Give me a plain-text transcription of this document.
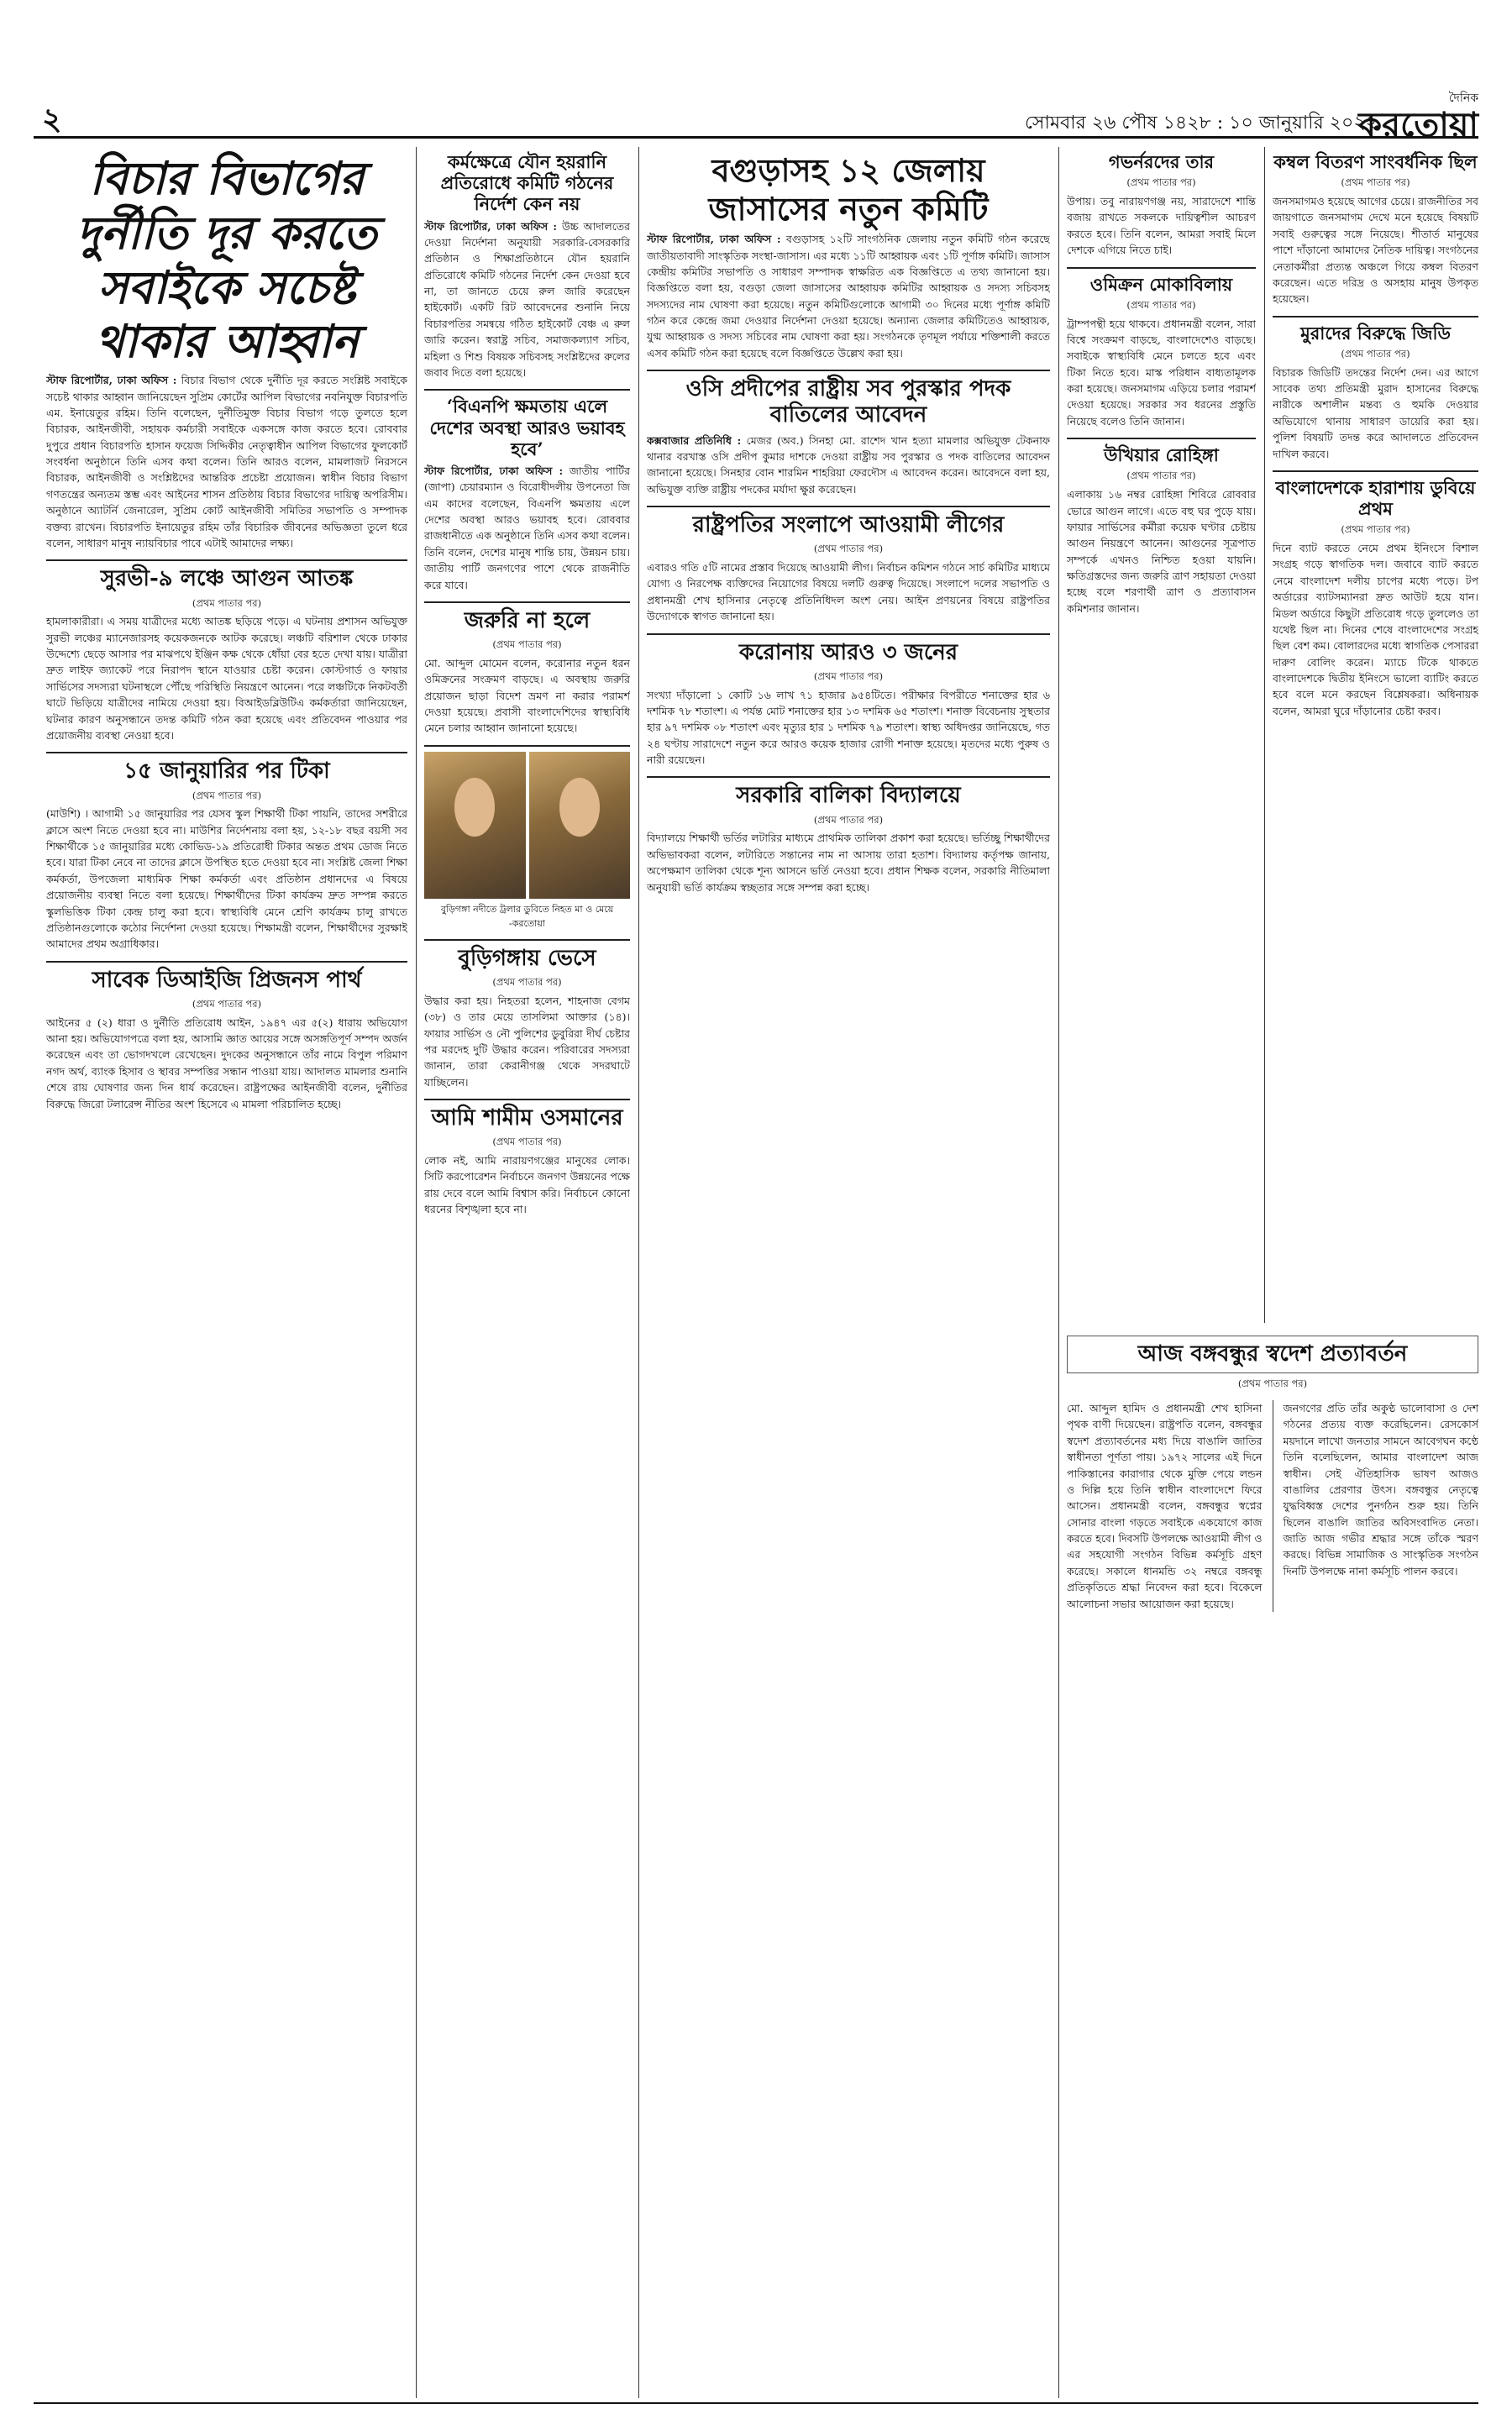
২	সোমবার ২৬ পৌষ ১৪২৮ : ১০ জানুয়ারি ২০২২
দৈনিক
করতোয়া
বিচার বিভাগের দুর্নীতি দূর করতে সবাইকে সচেষ্ট থাকার আহ্বান

স্টাফ রিপোর্টার, ঢাকা অফিস : বিচার বিভাগ থেকে দুর্নীতি দূর করতে সংশ্লিষ্ট সবাইকে সচেষ্ট থাকার আহ্বান জানিয়েছেন সুপ্রিম কোর্টের আপিল বিভাগের নবনিযুক্ত বিচারপতি এম. ইনায়েতুর রহিম। তিনি বলেছেন, দুর্নীতিমুক্ত বিচার বিভাগ গড়ে তুলতে হলে বিচারক, আইনজীবী, সহায়ক কর্মচারী সবাইকে একসঙ্গে কাজ করতে হবে। রোববার দুপুরে প্রধান বিচারপতি হাসান ফয়েজ সিদ্দিকীর নেতৃত্বাধীন আপিল বিভাগের ফুলকোর্ট সংবর্ধনা অনুষ্ঠানে তিনি এসব কথা বলেন। তিনি আরও বলেন, মামলাজট নিরসনে বিচারক, আইনজীবী ও সংশ্লিষ্টদের আন্তরিক প্রচেষ্টা প্রয়োজন। স্বাধীন বিচার বিভাগ গণতন্ত্রের অন্যতম স্তম্ভ এবং আইনের শাসন প্রতিষ্ঠায় বিচার বিভাগের দায়িত্ব অপরিসীম। অনুষ্ঠানে অ্যাটর্নি জেনারেল, সুপ্রিম কোর্ট আইনজীবী সমিতির সভাপতি ও সম্পাদক বক্তব্য রাখেন। বিচারপতি ইনায়েতুর রহিম তাঁর বিচারিক জীবনের অভিজ্ঞতা তুলে ধরে বলেন, সাধারণ মানুষ ন্যায়বিচার পাবে এটাই আমাদের লক্ষ্য।

সুরভী-৯ লঞ্চে আগুন আতঙ্ক
(প্রথম পাতার পর)

হামলাকারীরা। এ সময় যাত্রীদের মধ্যে আতঙ্ক ছড়িয়ে পড়ে। এ ঘটনায় প্রশাসন অভিযুক্ত সুরভী লঞ্চের ম্যানেজারসহ কয়েকজনকে আটক করেছে। লঞ্চটি বরিশাল থেকে ঢাকার উদ্দেশ্যে ছেড়ে আসার পর মাঝপথে ইঞ্জিন কক্ষ থেকে ধোঁয়া বের হতে দেখা যায়। যাত্রীরা দ্রুত লাইফ জ্যাকেট পরে নিরাপদ স্থানে যাওয়ার চেষ্টা করেন। কোস্টগার্ড ও ফায়ার সার্ভিসের সদস্যরা ঘটনাস্থলে পৌঁছে পরিস্থিতি নিয়ন্ত্রণে আনেন। পরে লঞ্চটিকে নিকটবর্তী ঘাটে ভিড়িয়ে যাত্রীদের নামিয়ে দেওয়া হয়। বিআইডব্লিউটিএ কর্মকর্তারা জানিয়েছেন, ঘটনার কারণ অনুসন্ধানে তদন্ত কমিটি গঠন করা হয়েছে এবং প্রতিবেদন পাওয়ার পর প্রয়োজনীয় ব্যবস্থা নেওয়া হবে।

১৫ জানুয়ারির পর টিকা
(প্রথম পাতার পর)

(মাউশি) । আগামী ১৫ জানুয়ারির পর যেসব স্কুল শিক্ষার্থী টিকা পায়নি, তাদের সশরীরে ক্লাসে অংশ নিতে দেওয়া হবে না। মাউশির নির্দেশনায় বলা হয়, ১২-১৮ বছর বয়সী সব শিক্ষার্থীকে ১৫ জানুয়ারির মধ্যে কোভিড-১৯ প্রতিরোধী টিকার অন্তত প্রথম ডোজ নিতে হবে। যারা টিকা নেবে না তাদের ক্লাসে উপস্থিত হতে দেওয়া হবে না। সংশ্লিষ্ট জেলা শিক্ষা কর্মকর্তা, উপজেলা মাধ্যমিক শিক্ষা কর্মকর্তা এবং প্রতিষ্ঠান প্রধানদের এ বিষয়ে প্রয়োজনীয় ব্যবস্থা নিতে বলা হয়েছে। শিক্ষার্থীদের টিকা কার্যক্রম দ্রুত সম্পন্ন করতে স্কুলভিত্তিক টিকা কেন্দ্র চালু করা হবে। স্বাস্থ্যবিধি মেনে শ্রেণি কার্যক্রম চালু রাখতে প্রতিষ্ঠানগুলোকে কঠোর নির্দেশনা দেওয়া হয়েছে। শিক্ষামন্ত্রী বলেন, শিক্ষার্থীদের সুরক্ষাই আমাদের প্রথম অগ্রাধিকার।

সাবেক ডিআইজি প্রিজনস পার্থ
(প্রথম পাতার পর)

আইনের ৫ (২) ধারা ও দুর্নীতি প্রতিরোধ আইন, ১৯৪৭ এর ৫(২) ধারায় অভিযোগ আনা হয়। অভিযোগপত্রে বলা হয়, আসামি জ্ঞাত আয়ের সঙ্গে অসঙ্গতিপূর্ণ সম্পদ অর্জন করেছেন এবং তা ভোগদখলে রেখেছেন। দুদকের অনুসন্ধানে তাঁর নামে বিপুল পরিমাণ নগদ অর্থ, ব্যাংক হিসাব ও স্থাবর সম্পত্তির সন্ধান পাওয়া যায়। আদালত মামলার শুনানি শেষে রায় ঘোষণার জন্য দিন ধার্য করেছেন। রাষ্ট্রপক্ষের আইনজীবী বলেন, দুর্নীতির বিরুদ্ধে জিরো টলারেন্স নীতির অংশ হিসেবে এ মামলা পরিচালিত হচ্ছে।

কর্মক্ষেত্রে যৌন হয়রানি প্রতিরোধে কমিটি গঠনের নির্দেশ কেন নয়

স্টাফ রিপোর্টার, ঢাকা অফিস : উচ্চ আদালতের দেওয়া নির্দেশনা অনুযায়ী সরকারি-বেসরকারি প্রতিষ্ঠান ও শিক্ষাপ্রতিষ্ঠানে যৌন হয়রানি প্রতিরোধে কমিটি গঠনের নির্দেশ কেন দেওয়া হবে না, তা জানতে চেয়ে রুল জারি করেছেন হাইকোর্ট। একটি রিট আবেদনের শুনানি নিয়ে বিচারপতির সমন্বয়ে গঠিত হাইকোর্ট বেঞ্চ এ রুল জারি করেন। স্বরাষ্ট্র সচিব, সমাজকল্যাণ সচিব, মহিলা ও শিশু বিষয়ক সচিবসহ সংশ্লিষ্টদের রুলের জবাব দিতে বলা হয়েছে।

‘বিএনপি ক্ষমতায় এলে দেশের অবস্থা আরও ভয়াবহ হবে’

স্টাফ রিপোর্টার, ঢাকা অফিস : জাতীয় পার্টির (জাপা) চেয়ারম্যান ও বিরোধীদলীয় উপনেতা জি এম কাদের বলেছেন, বিএনপি ক্ষমতায় এলে দেশের অবস্থা আরও ভয়াবহ হবে। রোববার রাজধানীতে এক অনুষ্ঠানে তিনি এসব কথা বলেন। তিনি বলেন, দেশের মানুষ শান্তি চায়, উন্নয়ন চায়। জাতীয় পার্টি জনগণের পাশে থেকে রাজনীতি করে যাবে।

জরুরি না হলে
(প্রথম পাতার পর)

মো. আব্দুল মোমেন বলেন, করোনার নতুন ধরন ওমিক্রনের সংক্রমণ বাড়ছে। এ অবস্থায় জরুরি প্রয়োজন ছাড়া বিদেশ ভ্রমণ না করার পরামর্শ দেওয়া হয়েছে। প্রবাসী বাংলাদেশিদের স্বাস্থ্যবিধি মেনে চলার আহ্বান জানানো হয়েছে।

বুড়িগঙ্গা নদীতে ট্রলার ডুবিতে নিহত মা ও মেয়ে -করতোয়া
বুড়িগঙ্গায় ভেসে
(প্রথম পাতার পর)

উদ্ধার করা হয়। নিহতরা হলেন, শাহনাজ বেগম (৩৮) ও তার মেয়ে তাসলিমা আক্তার (১৪)। ফায়ার সার্ভিস ও নৌ পুলিশের ডুবুরিরা দীর্ঘ চেষ্টার পর মরদেহ দুটি উদ্ধার করেন। পরিবারের সদস্যরা জানান, তারা কেরানীগঞ্জ থেকে সদরঘাটে যাচ্ছিলেন।

আমি শামীম ওসমানের
(প্রথম পাতার পর)

লোক নই, আমি নারায়ণগঞ্জের মানুষের লোক। সিটি করপোরেশন নির্বাচনে জনগণ উন্নয়নের পক্ষে রায় দেবে বলে আমি বিশ্বাস করি। নির্বাচনে কোনো ধরনের বিশৃঙ্খলা হবে না।

বগুড়াসহ ১২ জেলায় জাসাসের নতুন কমিটি

স্টাফ রিপোর্টার, ঢাকা অফিস : বগুড়াসহ ১২টি সাংগঠনিক জেলায় নতুন কমিটি গঠন করেছে জাতীয়তাবাদী সাংস্কৃতিক সংস্থা-জাসাস। এর মধ্যে ১১টি আহ্বায়ক এবং ১টি পূর্ণাঙ্গ কমিটি। জাসাস কেন্দ্রীয় কমিটির সভাপতি ও সাধারণ সম্পাদক স্বাক্ষরিত এক বিজ্ঞপ্তিতে এ তথ্য জানানো হয়। বিজ্ঞপ্তিতে বলা হয়, বগুড়া জেলা জাসাসের আহ্বায়ক কমিটির আহ্বায়ক ও সদস্য সচিবসহ সদস্যদের নাম ঘোষণা করা হয়েছে। নতুন কমিটিগুলোকে আগামী ৩০ দিনের মধ্যে পূর্ণাঙ্গ কমিটি গঠন করে কেন্দ্রে জমা দেওয়ার নির্দেশনা দেওয়া হয়েছে। অন্যান্য জেলার কমিটিতেও আহ্বায়ক, যুগ্ম আহ্বায়ক ও সদস্য সচিবের নাম ঘোষণা করা হয়। সংগঠনকে তৃণমূল পর্যায়ে শক্তিশালী করতে এসব কমিটি গঠন করা হয়েছে বলে বিজ্ঞপ্তিতে উল্লেখ করা হয়।

ওসি প্রদীপের রাষ্ট্রীয় সব পুরস্কার পদক বাতিলের আবেদন

কক্সবাজার প্রতিনিধি : মেজর (অব.) সিনহা মো. রাশেদ খান হত্যা মামলার অভিযুক্ত টেকনাফ থানার বরখাস্ত ওসি প্রদীপ কুমার দাশকে দেওয়া রাষ্ট্রীয় সব পুরস্কার ও পদক বাতিলের আবেদন জানানো হয়েছে। সিনহার বোন শারমিন শাহরিয়া ফেরদৌস এ আবেদন করেন। আবেদনে বলা হয়, অভিযুক্ত ব্যক্তি রাষ্ট্রীয় পদকের মর্যাদা ক্ষুণ্ণ করেছেন।

রাষ্ট্রপতির সংলাপে আওয়ামী লীগের
(প্রথম পাতার পর)

এবারও গতি ৫টি নামের প্রস্তাব দিয়েছে আওয়ামী লীগ। নির্বাচন কমিশন গঠনে সার্চ কমিটির মাধ্যমে যোগ্য ও নিরপেক্ষ ব্যক্তিদের নিয়োগের বিষয়ে দলটি গুরুত্ব দিয়েছে। সংলাপে দলের সভাপতি ও প্রধানমন্ত্রী শেখ হাসিনার নেতৃত্বে প্রতিনিধিদল অংশ নেয়। আইন প্রণয়নের বিষয়ে রাষ্ট্রপতির উদ্যোগকে স্বাগত জানানো হয়।

করোনায় আরও ৩ জনের
(প্রথম পাতার পর)

সংখ্যা দাঁড়ালো ১ কোটি ১৬ লাখ ৭১ হাজার ৯৫৪টিতে। পরীক্ষার বিপরীতে শনাক্তের হার ৬ দশমিক ৭৮ শতাংশ। এ পর্যন্ত মোট শনাক্তের হার ১৩ দশমিক ৬৫ শতাংশ। শনাক্ত বিবেচনায় সুস্থতার হার ৯৭ দশমিক ০৮ শতাংশ এবং মৃত্যুর হার ১ দশমিক ৭৯ শতাংশ। স্বাস্থ্য অধিদপ্তর জানিয়েছে, গত ২৪ ঘণ্টায় সারাদেশে নতুন করে আরও কয়েক হাজার রোগী শনাক্ত হয়েছে। মৃতদের মধ্যে পুরুষ ও নারী রয়েছেন।

সরকারি বালিকা বিদ্যালয়ে
(প্রথম পাতার পর)

বিদ্যালয়ে শিক্ষার্থী ভর্তির লটারির মাধ্যমে প্রাথমিক তালিকা প্রকাশ করা হয়েছে। ভর্তিচ্ছু শিক্ষার্থীদের অভিভাবকরা বলেন, লটারিতে সন্তানের নাম না আসায় তারা হতাশ। বিদ্যালয় কর্তৃপক্ষ জানায়, অপেক্ষমাণ তালিকা থেকে শূন্য আসনে ভর্তি নেওয়া হবে। প্রধান শিক্ষক বলেন, সরকারি নীতিমালা অনুযায়ী ভর্তি কার্যক্রম স্বচ্ছতার সঙ্গে সম্পন্ন করা হচ্ছে।

গভর্নরদের তার
(প্রথম পাতার পর)

উপায়। তবু নারায়ণগঞ্জ নয়, সারাদেশে শান্তি বজায় রাখতে সকলকে দায়িত্বশীল আচরণ করতে হবে। তিনি বলেন, আমরা সবাই মিলে দেশকে এগিয়ে নিতে চাই।

ওমিক্রন মোকাবিলায়
(প্রথম পাতার পর)

ট্রাম্পপন্থী হয়ে থাকবে। প্রধানমন্ত্রী বলেন, সারা বিশ্বে সংক্রমণ বাড়ছে, বাংলাদেশেও বাড়ছে। সবাইকে স্বাস্থ্যবিধি মেনে চলতে হবে এবং টিকা নিতে হবে। মাস্ক পরিধান বাধ্যতামূলক করা হয়েছে। জনসমাগম এড়িয়ে চলার পরামর্শ দেওয়া হয়েছে। সরকার সব ধরনের প্রস্তুতি নিয়েছে বলেও তিনি জানান।

উখিয়ার রোহিঙ্গা
(প্রথম পাতার পর)

এলাকায় ১৬ নম্বর রোহিঙ্গা শিবিরে রোববার ভোরে আগুন লাগে। এতে বহু ঘর পুড়ে যায়। ফায়ার সার্ভিসের কর্মীরা কয়েক ঘণ্টার চেষ্টায় আগুন নিয়ন্ত্রণে আনেন। আগুনের সূত্রপাত সম্পর্কে এখনও নিশ্চিত হওয়া যায়নি। ক্ষতিগ্রস্তদের জন্য জরুরি ত্রাণ সহায়তা দেওয়া হচ্ছে বলে শরণার্থী ত্রাণ ও প্রত্যাবাসন কমিশনার জানান।

কম্বল বিতরণ সাংবর্ধনিক ছিল
(প্রথম পাতার পর)

জনসমাগমও হয়েছে আগের চেয়ে। রাজনীতির সব জায়গাতে জনসমাগম দেখে মনে হয়েছে বিষয়টি সবাই গুরুত্বের সঙ্গে নিয়েছে। শীতার্ত মানুষের পাশে দাঁড়ানো আমাদের নৈতিক দায়িত্ব। সংগঠনের নেতাকর্মীরা প্রত্যন্ত অঞ্চলে গিয়ে কম্বল বিতরণ করেছেন। এতে দরিদ্র ও অসহায় মানুষ উপকৃত হয়েছেন।

মুরাদের বিরুদ্ধে জিডি
(প্রথম পাতার পর)

বিচারক জিডিটি তদন্তের নির্দেশ দেন। এর আগে সাবেক তথ্য প্রতিমন্ত্রী মুরাদ হাসানের বিরুদ্ধে নারীকে অশালীন মন্তব্য ও হুমকি দেওয়ার অভিযোগে থানায় সাধারণ ডায়েরি করা হয়। পুলিশ বিষয়টি তদন্ত করে আদালতে প্রতিবেদন দাখিল করবে।

বাংলাদেশকে হারাশায় ডুবিয়ে প্রথম
(প্রথম পাতার পর)

দিনে ব্যাট করতে নেমে প্রথম ইনিংসে বিশাল সংগ্রহ গড়ে স্বাগতিক দল। জবাবে ব্যাট করতে নেমে বাংলাদেশ দলীয় চাপের মধ্যে পড়ে। টপ অর্ডারের ব্যাটসম্যানরা দ্রুত আউট হয়ে যান। মিডল অর্ডারে কিছুটা প্রতিরোধ গড়ে তুললেও তা যথেষ্ট ছিল না। দিনের শেষে বাংলাদেশের সংগ্রহ ছিল বেশ কম। বোলারদের মধ্যে স্বাগতিক পেসাররা দারুণ বোলিং করেন। ম্যাচে টিকে থাকতে বাংলাদেশকে দ্বিতীয় ইনিংসে ভালো ব্যাটিং করতে হবে বলে মনে করছেন বিশ্লেষকরা। অধিনায়ক বলেন, আমরা ঘুরে দাঁড়ানোর চেষ্টা করব।

আজ বঙ্গবন্ধুর স্বদেশ প্রত্যাবর্তন
(প্রথম পাতার পর)
মো. আব্দুল হামিদ ও প্রধানমন্ত্রী শেখ হাসিনা পৃথক বাণী দিয়েছেন। রাষ্ট্রপতি বলেন, বঙ্গবন্ধুর স্বদেশ প্রত্যাবর্তনের মধ্য দিয়ে বাঙালি জাতির স্বাধীনতা পূর্ণতা পায়। ১৯৭২ সালের এই দিনে পাকিস্তানের কারাগার থেকে মুক্তি পেয়ে লন্ডন ও দিল্লি হয়ে তিনি স্বাধীন বাংলাদেশে ফিরে আসেন। প্রধানমন্ত্রী বলেন, বঙ্গবন্ধুর স্বপ্নের সোনার বাংলা গড়তে সবাইকে একযোগে কাজ করতে হবে। দিবসটি উপলক্ষে আওয়ামী লীগ ও এর সহযোগী সংগঠন বিভিন্ন কর্মসূচি গ্রহণ করেছে। সকালে ধানমন্ডি ৩২ নম্বরে বঙ্গবন্ধু প্রতিকৃতিতে শ্রদ্ধা নিবেদন করা হবে। বিকেলে আলোচনা সভার আয়োজন করা হয়েছে।
জনগণের প্রতি তাঁর অকুণ্ঠ ভালোবাসা ও দেশ গঠনের প্রত্যয় ব্যক্ত করেছিলেন। রেসকোর্স ময়দানে লাখো জনতার সামনে আবেগঘন কণ্ঠে তিনি বলেছিলেন, আমার বাংলাদেশ আজ স্বাধীন। সেই ঐতিহাসিক ভাষণ আজও বাঙালির প্রেরণার উৎস। বঙ্গবন্ধুর নেতৃত্বে যুদ্ধবিধ্বস্ত দেশের পুনর্গঠন শুরু হয়। তিনি ছিলেন বাঙালি জাতির অবিসংবাদিত নেতা। জাতি আজ গভীর শ্রদ্ধার সঙ্গে তাঁকে স্মরণ করছে। বিভিন্ন সামাজিক ও সাংস্কৃতিক সংগঠন দিনটি উপলক্ষে নানা কর্মসূচি পালন করবে।
